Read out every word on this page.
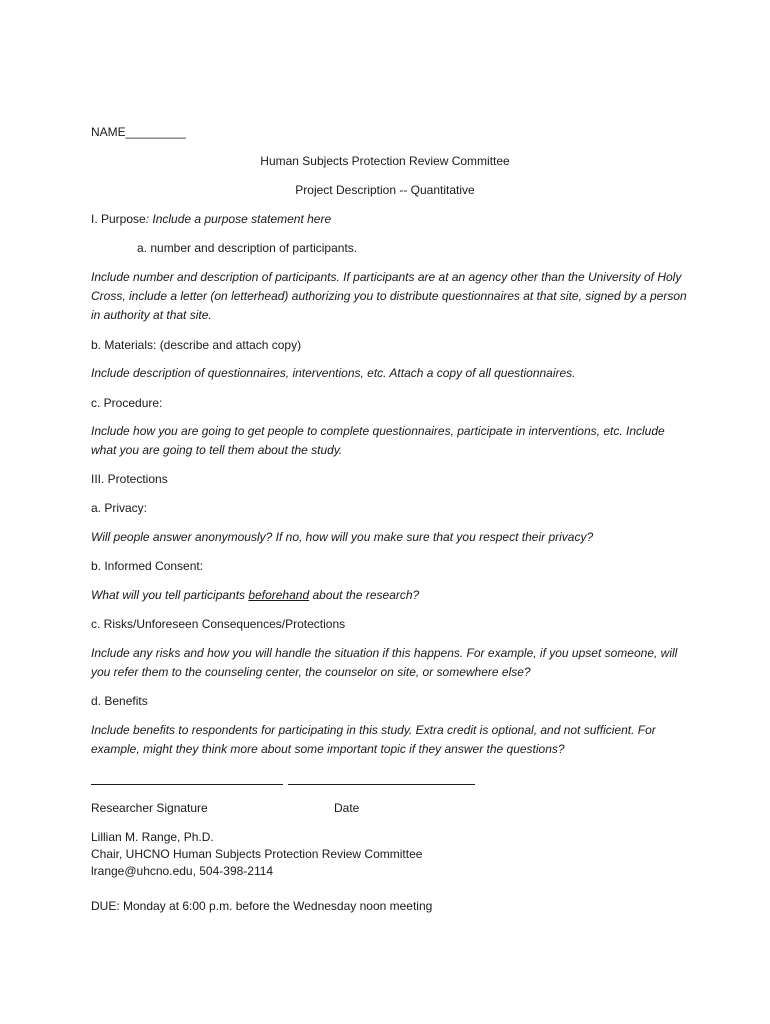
NAME_________
Human Subjects Protection Review Committee
Project Description -- Quantitative
I. Purpose: Include a purpose statement here
a. number and description of participants.
Include number and description of participants. If participants are at an agency other than the University of Holy Cross, include a letter (on letterhead) authorizing you to distribute questionnaires at that site, signed by a person in authority at that site.
b. Materials: (describe and attach copy)
Include description of questionnaires, interventions, etc. Attach a copy of all questionnaires.
c. Procedure:
Include how you are going to get people to complete questionnaires, participate in interventions, etc. Include what you are going to tell them about the study.
III. Protections
a. Privacy:
Will people answer anonymously? If no, how will you make sure that you respect their privacy?
b. Informed Consent:
What will you tell participants beforehand about the research?
c. Risks/Unforeseen Consequences/Protections
Include any risks and how you will handle the situation if this happens. For example, if you upset someone, will you refer them to the counseling center, the counselor on site, or somewhere else?
d. Benefits
Include benefits to respondents for participating in this study. Extra credit is optional, and not sufficient. For example, might they think more about some important topic if they answer the questions?
Researcher Signature	Date
Lillian M. Range, Ph.D.
Chair, UHCNO Human Subjects Protection Review Committee
lrange@uhcno.edu, 504-398-2114
DUE: Monday at 6:00 p.m. before the Wednesday noon meeting
